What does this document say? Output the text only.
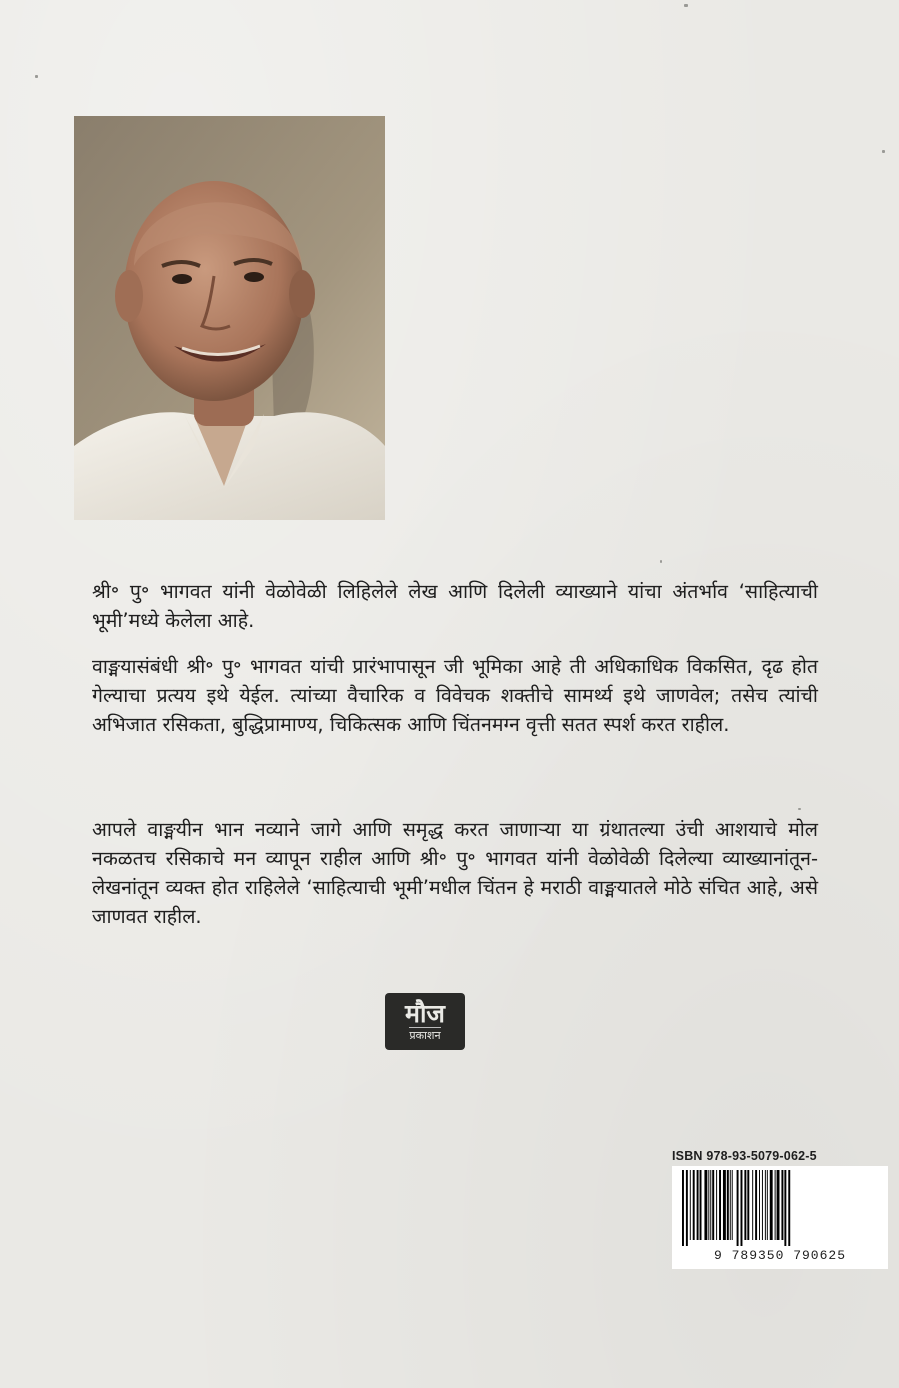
श्री॰ पु॰ भागवत यांनी वेळोवेळी लिहिलेले लेख आणि दिलेली व्याख्याने यांचा अंतर्भाव ‘साहित्याची भूमी’मध्ये केलेला आहे.

वाङ्मयासंबंधी श्री॰ पु॰ भागवत यांची प्रारंभापासून जी भूमिका आहे ती अधिकाधिक विकसित, दृढ होत गेल्याचा प्रत्यय इथे येईल. त्यांच्या वैचारिक व विवेचक शक्तीचे सामर्थ्य इथे जाणवेल; तसेच त्यांची अभिजात रसिकता, बुद्धिप्रामाण्य, चिकित्सक आणि चिंतनमग्न वृत्ती सतत स्पर्श करत राहील.

आपले वाङ्मयीन भान नव्याने जागे आणि समृद्ध करत जाणाऱ्या या ग्रंथातल्या उंची आशयाचे मोल नकळतच रसिकाचे मन व्यापून राहील आणि श्री॰ पु॰ भागवत यांनी वेळोवेळी दिलेल्या व्याख्यानांतून-लेखनांतून व्यक्त होत राहिलेले ‘साहित्याची भूमी’मधील चिंतन हे मराठी वाङ्मयातले मोठे संचित आहे, असे जाणवत राहील.

मौज
प्रकाशन
ISBN 978-93-5079-062-5
9 789350 790625
